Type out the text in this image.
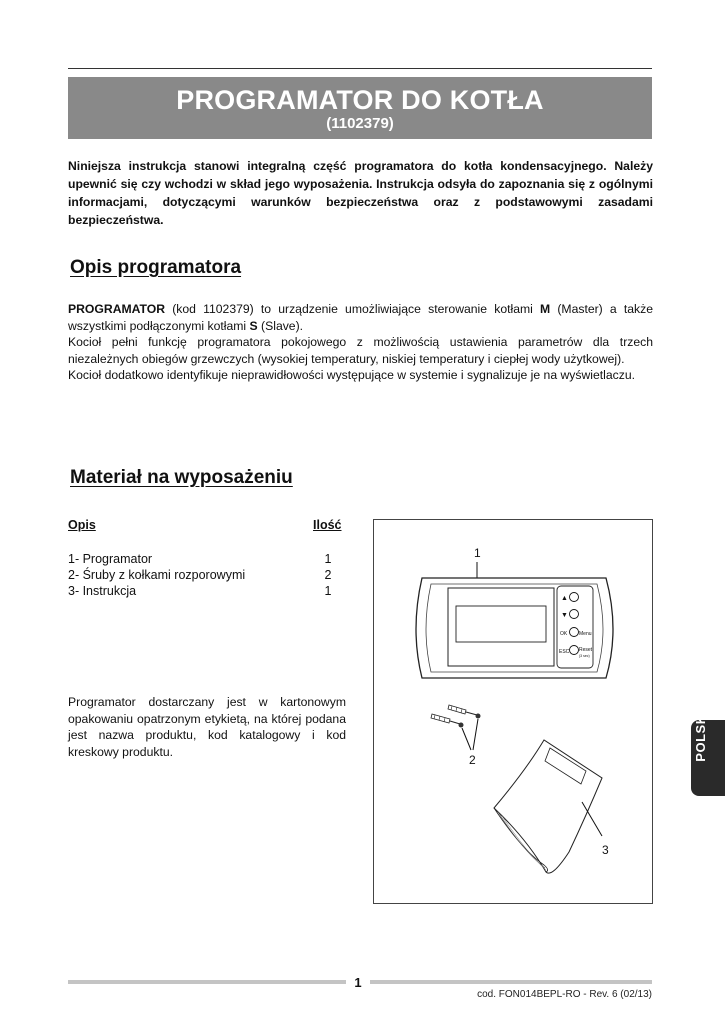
PROGRAMATOR DO KOTŁA
(1102379)

Niniejsza instrukcja stanowi integralną część programatora do kotła kondensacyjnego. Należy upewnić się czy wchodzi w skład jego wyposażenia. Instrukcja odsyła do zapoznania się z ogólnymi informacjami, dotyczącymi warunków bezpieczeństwa oraz z podstawowymi zasadami bezpieczeństwa.

Opis programatora

PROGRAMATOR (kod 1102379) to urządzenie umożliwiające sterowanie kotłami M (Master) a także wszystkimi podłączonymi kotłami S (Slave).

Kocioł pełni funkcję programatora pokojowego z możliwością ustawienia parametrów dla trzech niezależnych obiegów grzewczych (wysokiej temperatury, niskiej temperatury i ciepłej wody użytkowej).

Kocioł dodatkowo identyfikuje nieprawidłowości występujące w systemie i sygnalizuje je na wyświetlaczu.

Materiał na wyposażeniu
Opis	Ilość
1- Programator	1
2- Śruby z kołkami rozporowymi	2
3- Instrukcja	1

Programator dostarczany jest w kartonowym opakowaniu opatrzonym etykietą, na której podana jest nazwa produktu, kod katalogowy i kod kreskowy produktu.

1
▲
▼
OK Menu
ESC Reset
(3 sec)
2
3
POLSKI
1
cod. FON014BEPL-RO - Rev. 6 (02/13)
